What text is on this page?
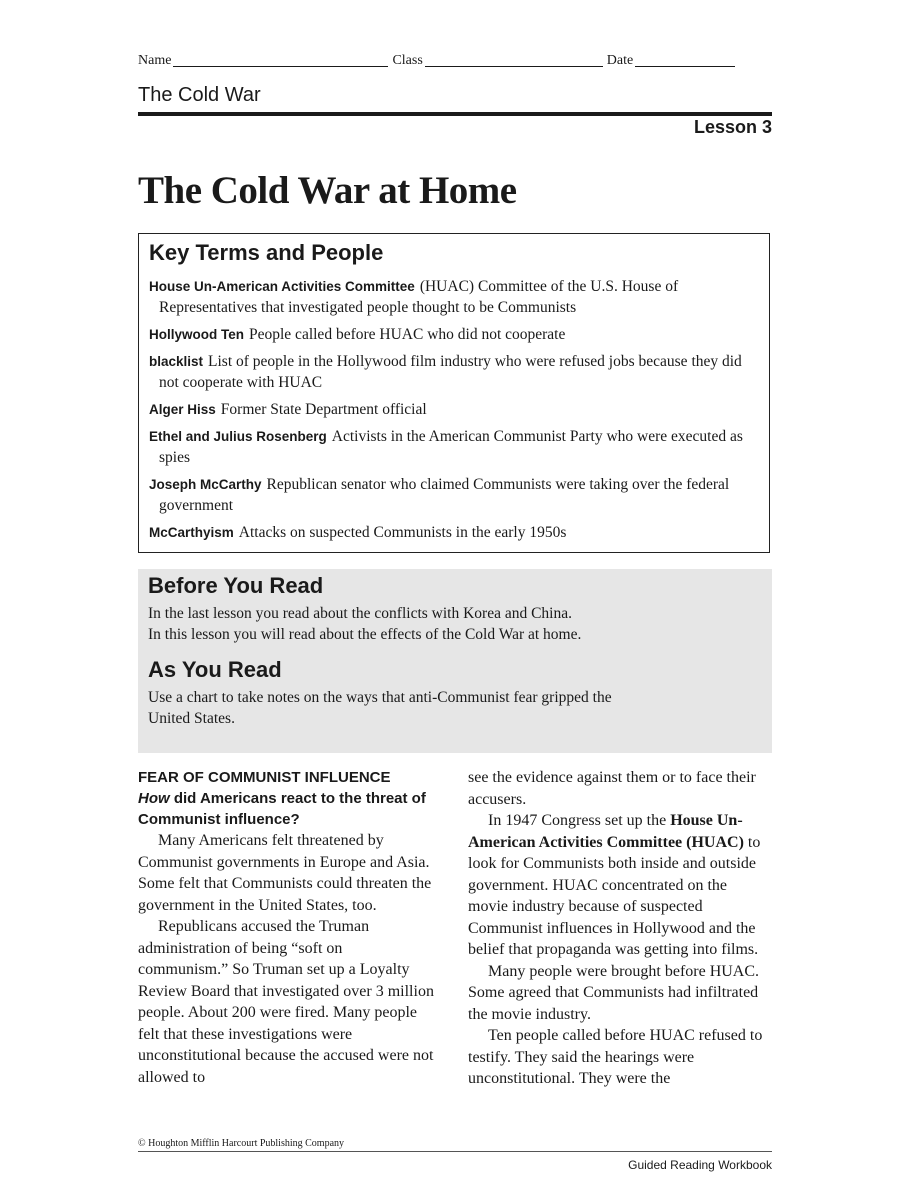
Name	Class	Date
The Cold War
Lesson 3
The Cold War at Home
Key Terms and People
House Un-American Activities Committee (HUAC) Committee of the U.S. House of Representatives that investigated people thought to be Communists
Hollywood Ten People called before HUAC who did not cooperate
blacklist List of people in the Hollywood film industry who were refused jobs because they did not cooperate with HUAC
Alger Hiss Former State Department official
Ethel and Julius Rosenberg Activists in the American Communist Party who were executed as spies
Joseph McCarthy Republican senator who claimed Communists were taking over the federal government
McCarthyism Attacks on suspected Communists in the early 1950s
Before You Read

In the last lesson you read about the conflicts with Korea and China.

In this lesson you will read about the effects of the Cold War at home.

As You Read

Use a chart to take notes on the ways that anti-Communist fear gripped the United States.

FEAR OF COMMUNIST INFLUENCE
How did Americans react to the threat of Communist influence?

Many Americans felt threatened by Communist governments in Europe and Asia. Some felt that Communists could threaten the government in the United States, too.

Republicans accused the Truman administration of being “soft on communism.” So Truman set up a Loyalty Review Board that investigated over 3 million people. About 200 were fired. Many people felt that these investigations were unconstitutional because the accused were not allowed to

see the evidence against them or to face their accusers.

In 1947 Congress set up the House Un-American Activities Committee (HUAC) to look for Communists both inside and outside government. HUAC concentrated on the movie industry because of suspected Communist influences in Hollywood and the belief that propaganda was getting into films.

Many people were brought before HUAC. Some agreed that Communists had infiltrated the movie industry.

Ten people called before HUAC refused to testify. They said the hearings were unconstitutional. They were the

© Houghton Mifflin Harcourt Publishing Company
Guided Reading Workbook
